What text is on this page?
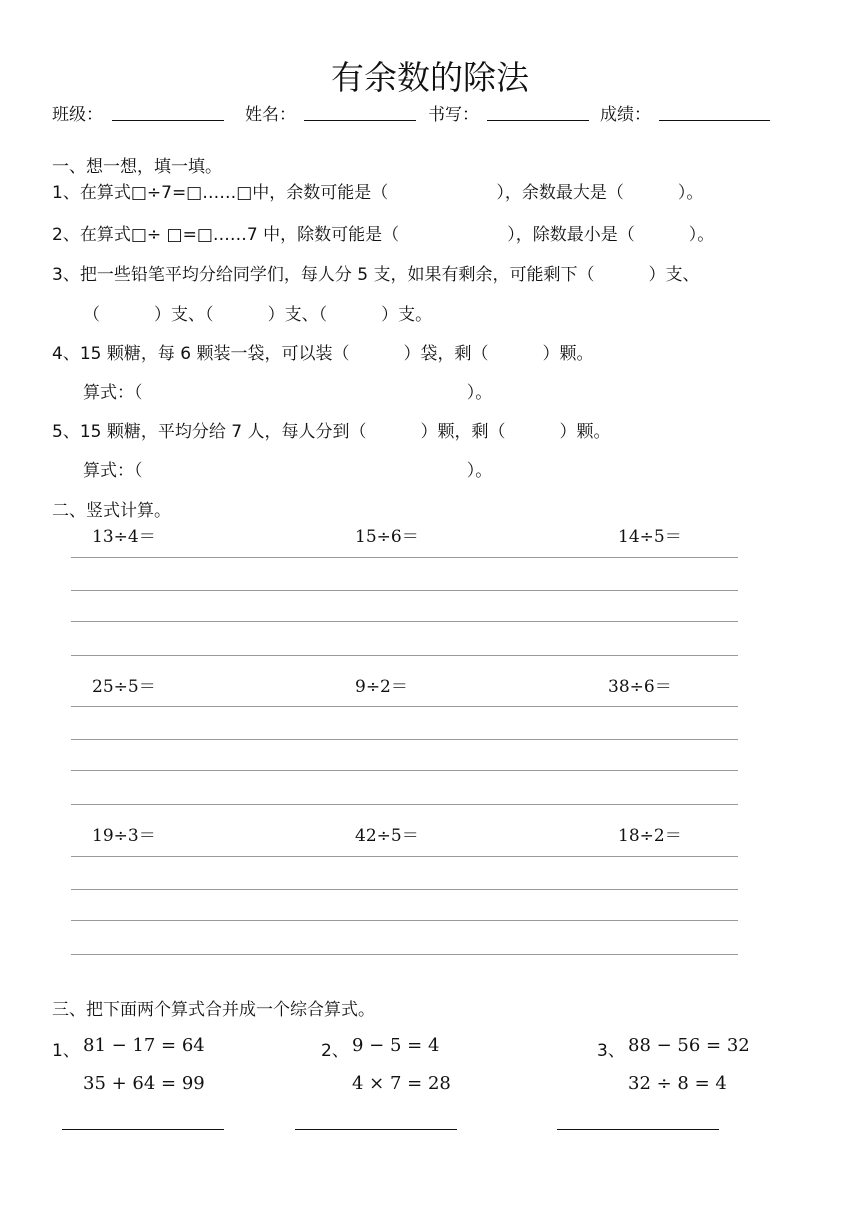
有余数的除法
班级：	姓名：	书写：	成绩：
一、想一想，填一填。
1、在算式□÷7=□……□中，余数可能是（                    ），余数最大是（          ）。
2、在算式□÷ □=□……7 中，除数可能是（                    ），除数最小是（          ）。
3、把一些铅笔平均分给同学们，每人分 5 支，如果有剩余，可能剩下（          ）支、
（          ）支、（          ）支、（          ）支。
4、15 颗糖，每 6 颗装一袋，可以装（          ）袋，剩（          ）颗。
算式：（                                                            ）。
5、15 颗糖，平均分给 7 人，每人分到（          ）颗，剩（          ）颗。
算式：（                                                            ）。
二、竖式计算。
13÷4＝	15÷6＝	14÷5＝
25÷5＝	9÷2＝	38÷6＝
19÷3＝	42÷5＝	18÷2＝
三、把下面两个算式合并成一个综合算式。
1、 81 − 17 = 64
35 + 64 = 99
2、 9 − 5 = 4
4 × 7 = 28
3、 88 − 56 = 32
32 ÷ 8 = 4
